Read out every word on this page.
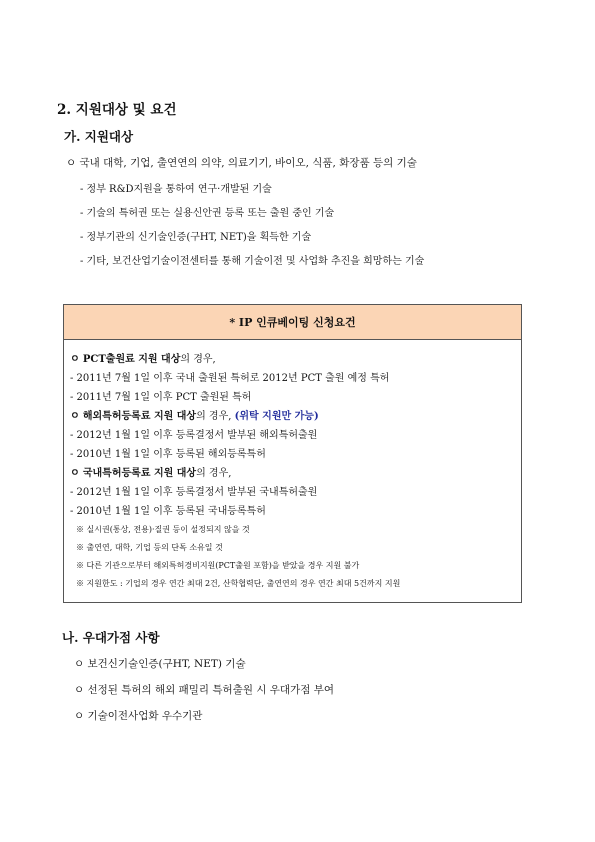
2. 지원대상 및 요건
가. 지원대상
ㅇ 국내 대학, 기업, 출연연의 의약, 의료기기, 바이오, 식품, 화장품 등의 기술
- 정부 R&D지원을 통하여 연구·개발된 기술
- 기술의 특허권 또는 실용신안권 등록 또는 출원 중인 기술
- 정부기관의 신기술인증(구HT, NET)을 획득한 기술
- 기타, 보건산업기술이전센터를 통해 기술이전 및 사업화 추진을 희망하는 기술
* IP 인큐베이팅 신청요건
ㅇ PCT출원료 지원 대상의 경우,
- 2011년 7월 1일 이후 국내 출원된 특허로 2012년 PCT 출원 예정 특허
- 2011년 7월 1일 이후 PCT 출원된 특허
ㅇ 해외특허등록료 지원 대상의 경우, (위탁 지원만 가능)
- 2012년 1월 1일 이후 등록결정서 발부된 해외특허출원
- 2010년 1월 1일 이후 등록된 해외등록특허
ㅇ 국내특허등록료 지원 대상의 경우,
- 2012년 1월 1일 이후 등록결정서 발부된 국내특허출원
- 2010년 1월 1일 이후 등록된 국내등록특허
※ 실시권(통상, 전용)·질권 등이 설정되지 않을 것
※ 출연연, 대학, 기업 등의 단독 소유일 것
※ 다른 기관으로부터 해외특허경비지원(PCT출원 포함)을 받았을 경우 지원 불가
※ 지원한도 : 기업의 경우 연간 최대 2건, 산학협력단, 출연연의 경우 연간 최대 5건까지 지원
나. 우대가점 사항
ㅇ 보건신기술인증(구HT, NET) 기술
ㅇ 선정된 특허의 해외 패밀리 특허출원 시 우대가점 부여
ㅇ 기술이전사업화 우수기관
